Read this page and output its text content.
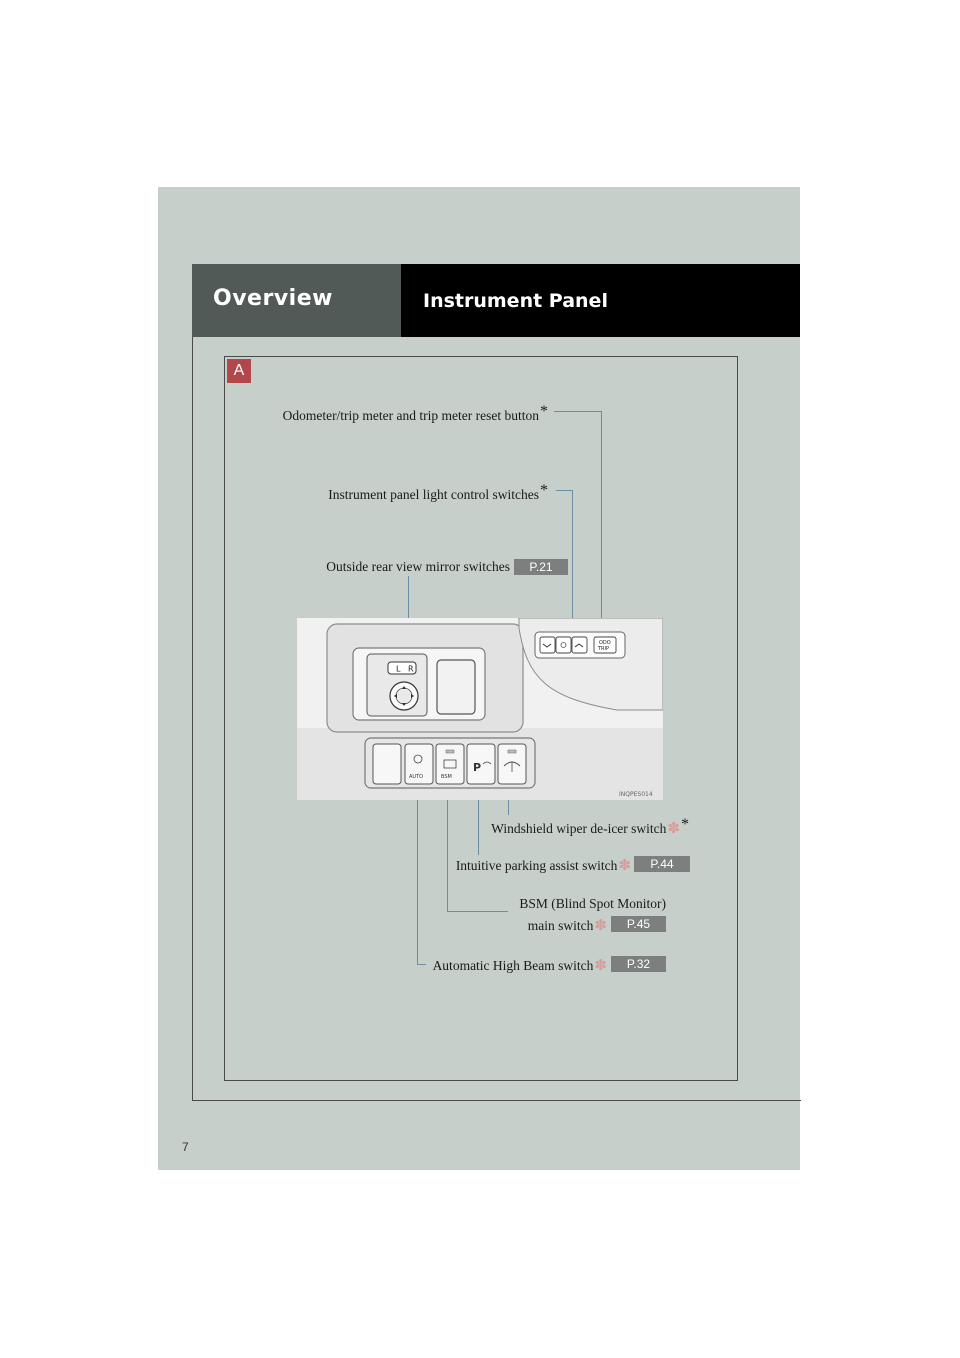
Overview	Instrument Panel
A
Odometer/trip meter and trip meter reset button*
Instrument panel light control switches*
Outside rear view mirror switches	P.21
Windshield wiper de-icer switch✽*
Intuitive parking assist switch✽	P.44
BSM (Blind Spot Monitor)
main switch✽	P.45
Automatic High Beam switch✽	P.32
L R
ODO
TRIP
AUTO	BSM
P
INQPES014
7
